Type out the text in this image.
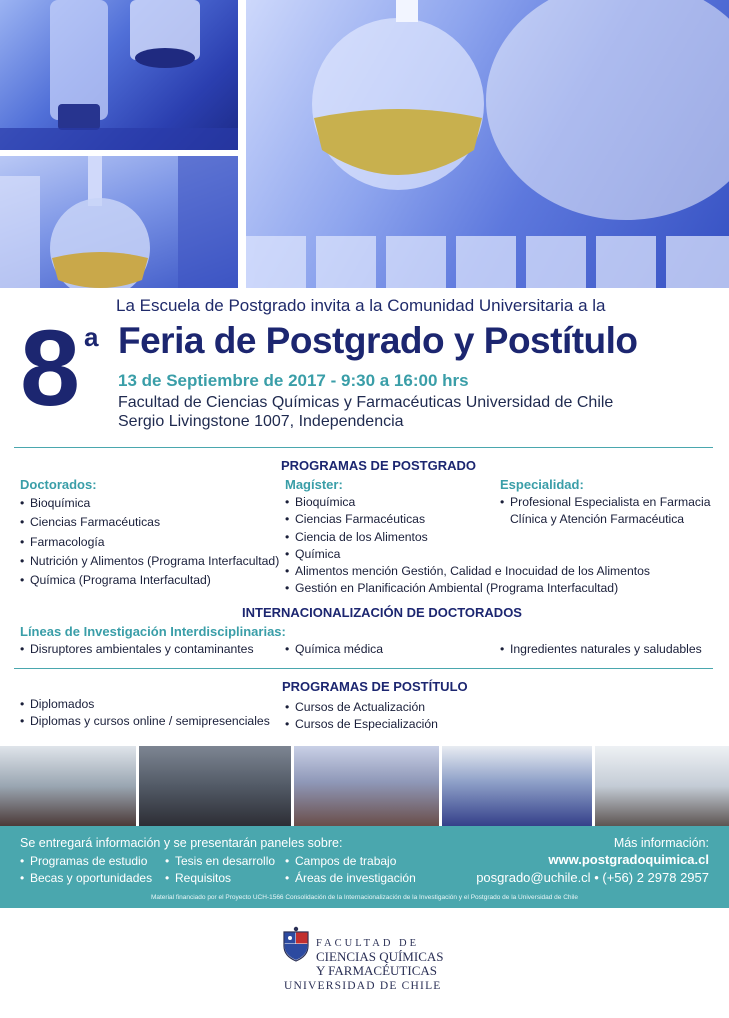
La Escuela de Postgrado invita a la Comunidad Universitaria a la
8 a Feria de Postgrado y Postítulo
13 de Septiembre de 2017 - 9:30 a 16:00 hrs
Facultad de Ciencias Químicas y Farmacéuticas Universidad de Chile
Sergio Livingstone 1007, Independencia
PROGRAMAS DE POSTGRADO
Doctorados:
• Bioquímica
• Ciencias Farmacéuticas
• Farmacología
• Nutrición y Alimentos (Programa Interfacultad)
• Química (Programa Interfacultad)
Magíster:
• Bioquímica
• Ciencias Farmacéuticas
• Ciencia de los Alimentos
• Química
• Alimentos mención Gestión, Calidad e Inocuidad de los Alimentos
• Gestión en Planificación Ambiental (Programa Interfacultad)
Especialidad:
• Profesional Especialista en Farmacia
Clínica y Atención Farmacéutica
INTERNACIONALIZACIÓN DE DOCTORADOS
Líneas de Investigación Interdisciplinarias:
• Disruptores ambientales y contaminantes	• Química médica	• Ingredientes naturales y saludables
PROGRAMAS DE POSTÍTULO
• Diplomados
• Diplomas y cursos online / semipresenciales
• Cursos de Actualización
• Cursos de Especialización
Se entregará información y se presentarán paneles sobre:
• Programas de estudio
• Becas y oportunidades
• Tesis en desarrollo
• Requisitos
• Campos de trabajo
• Áreas de investigación
Más información:
www.postgradoquimica.cl
posgrado@uchile.cl • (+56) 2 2978 2957
Material financiado por el Proyecto UCH-1566 Consolidación de la Internacionalización de la Investigación y el Postgrado de la Universidad de Chile
FACULTAD DE
CIENCIAS QUÍMICAS
Y FARMACÉUTICAS
UNIVERSIDAD DE CHILE
